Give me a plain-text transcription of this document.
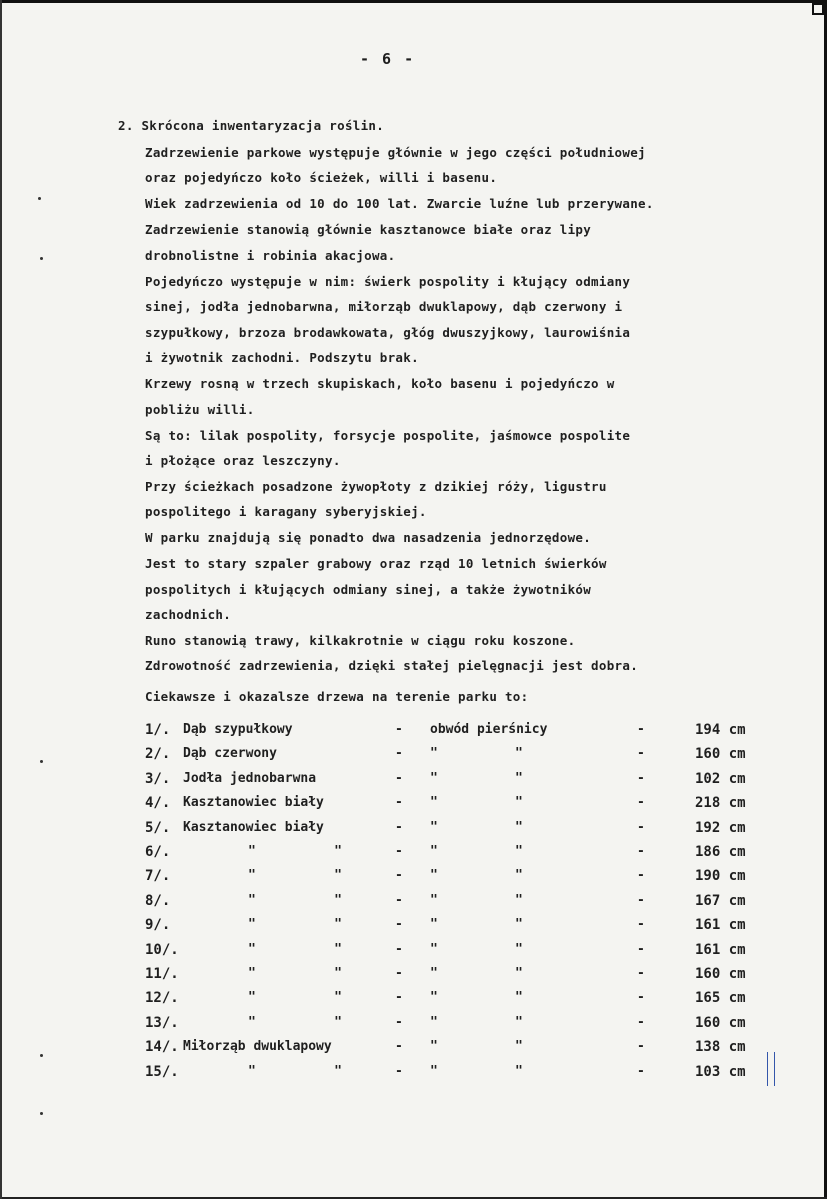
- 6 -
2. Skrócona inwentaryzacja roślin.
Zadrzewienie parkowe występuje głównie w jego części południowej
oraz pojedyńczo koło ścieżek, willi i basenu.
Wiek zadrzewienia od 10 do 100 lat. Zwarcie luźne lub przerywane.
Zadrzewienie stanowią głównie kasztanowce białe oraz lipy
drobnolistne i robinia akacjowa.
Pojedyńczo występuje w nim: świerk pospolity i kłujący odmiany
sinej, jodła jednobarwna, miłorząb dwuklapowy, dąb czerwony i
szypułkowy, brzoza brodawkowata, głóg dwuszyjkowy, laurowiśnia
i żywotnik zachodni. Podszytu brak.
Krzewy rosną w trzech skupiskach, koło basenu i pojedyńczo w
pobliżu willi.
Są to: lilak pospolity, forsycje pospolite, jaśmowce pospolite
i płożące oraz leszczyny.
Przy ścieżkach posadzone żywopłoty z dzikiej róży, ligustru
pospolitego i karagany syberyjskiej.
W parku znajdują się ponadto dwa nasadzenia jednorzędowe.
Jest to stary szpaler grabowy oraz rząd 10 letnich świerków
pospolitych i kłujących odmiany sinej, a także żywotników
zachodnich.
Runo stanowią trawy, kilkakrotnie w ciągu roku koszone.
Zdrowotność zadrzewienia, dzięki stałej pielęgnacji jest dobra.
Ciekawsze i okazalsze drzewa na terenie parku to:
1/. Dąb szypułkowy	- obwód pierśnicy	-	194 cm
2/. Dąb czerwony	- "	"	-	160 cm
3/. Jodła jednobarwna	- "	"	-	102 cm
4/. Kasztanowiec biały	- "	"	-	218 cm
5/. Kasztanowiec biały	- "	"	-	192 cm
6/.	"          "	- "	"	-	186 cm
7/.	"          "	- "	"	-	190 cm
8/.	"          "	- "	"	-	167 cm
9/.	"          "	- "	"	-	161 cm
10/.	"          "	- "	"	-	161 cm
11/.	"          "	- "	"	-	160 cm
12/.	"          "	- "	"	-	165 cm
13/.	"          "	- "	"	-	160 cm
14/. Miłorząb dwuklapowy	- "	"	-	138 cm
15/.	"          "	- "	"	-	103 cm
